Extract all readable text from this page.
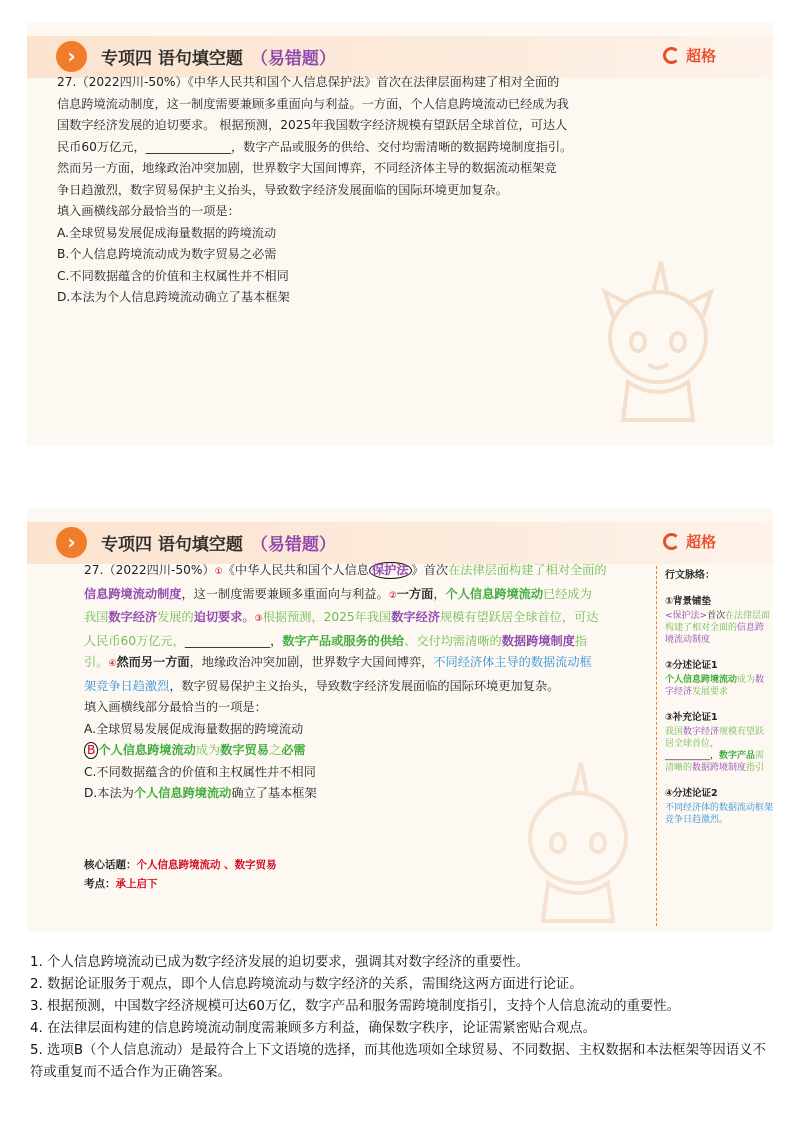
›	专项四 语句填空题 （易错题）	超格
27.（2022四川-50%）《中华人民共和国个人信息保护法》首次在法律层面构建了相对全面的
信息跨境流动制度，这一制度需要兼顾多重面向与利益。一方面，个人信息跨境流动已经成为我
国数字经济发展的迫切要求。 根据预测，2025年我国数字经济规模有望跃居全球首位，可达人
民币60万亿元，______________，数字产品或服务的供给、交付均需清晰的数据跨境制度指引。
然而另一方面，地缘政治冲突加剧，世界数字大国间博弈，不同经济体主导的数据流动框架竞
争日趋激烈，数字贸易保护主义抬头，导致数字经济发展面临的国际环境更加复杂。
填入画横线部分最恰当的一项是：
A.全球贸易发展促成海量数据的跨境流动
B.个人信息跨境流动成为数字贸易之必需
C.不同数据蕴含的价值和主权属性并不相同
D.本法为个人信息跨境流动确立了基本框架
›	专项四 语句填空题 （易错题）	超格
行文脉络：
①背景铺垫
<保护法>首次在法律层面构建了相对全面的信息跨境流动制度
②分述论证1
个人信息跨境流动成为数字经济发展要求
③补充论证1
我国数字经济规模有望跃居全球首位，__________，数字产品需清晰的数据跨境制度指引
④分述论证2
不同经济体的数据流动框架竞争日趋激烈。
27.（2022四川-50%）①《中华人民共和国个人信息 保护法 》首次在法律层面构建了相对全面的
信息跨境流动制度，这一制度需要兼顾多重面向与利益。②一方面，个人信息跨境流动已经成为
我国数字经济发展的迫切要求。③根据预测，2025年我国数字经济规模有望跃居全球首位，可达
人民币60万亿元，______________，数字产品或服务的供给、交付均需清晰的数据跨境制度指
引。④然而另一方面，地缘政治冲突加剧，世界数字大国间博弈，不同经济体主导的数据流动框
架竞争日趋激烈，数字贸易保护主义抬头，导致数字经济发展面临的国际环境更加复杂。
填入画横线部分最恰当的一项是：
A.全球贸易发展促成海量数据的跨境流动
B 个人信息跨境流动成为数字贸易之必需
C.不同数据蕴含的价值和主权属性并不相同
D.本法为个人信息跨境流动确立了基本框架
核心话题：个人信息跨境流动 、数字贸易
考点：承上启下

1. 个人信息跨境流动已成为数字经济发展的迫切要求，强调其对数字经济的重要性。

2. 数据论证服务于观点，即个人信息跨境流动与数字经济的关系，需围绕这两方面进行论证。

3. 根据预测，中国数字经济规模可达60万亿，数字产品和服务需跨境制度指引，支持个人信息流动的重要性。

4. 在法律层面构建的信息跨境流动制度需兼顾多方利益，确保数字秩序，论证需紧密贴合观点。

5. 选项B（个人信息流动）是最符合上下文语境的选择，而其他选项如全球贸易、不同数据、主权数据和本法框架等因语义不符或重复而不适合作为正确答案。
